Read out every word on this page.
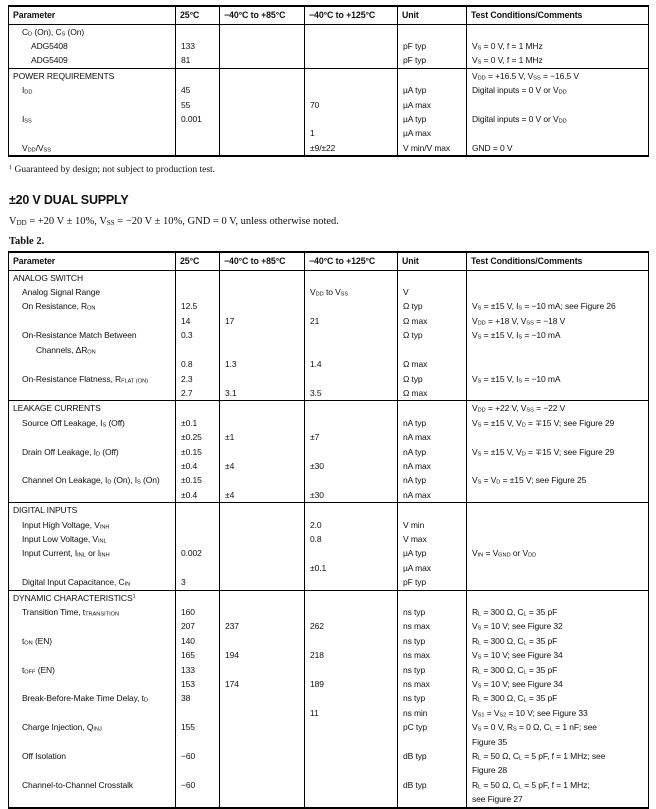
Parameter	25°C	−40°C to +85°C	−40°C to +125°C	Unit	Test Conditions/Comments
$C_D$ (On), $C_S$ (On)					
ADG5408	133			pF typ	$V_S = 0$ V, f = 1 MHz
ADG5409	81			pF typ	$V_S = 0$ V, f = 1 MHz
POWER REQUIREMENTS					$V_{DD} = +16.5$ V, $V_{SS} = -16.5$ V
$I_{DD}$	45			µA typ	Digital inputs = 0 V or $V_{DD}$
	55		70	µA max	
$I_{SS}$	0.001			µA typ	Digital inputs = 0 V or $V_{DD}$
			1	µA max	
$V_{DD}/V_{SS}$			±9/±22	V min/V max	GND = 0 V
$^1$ Guaranteed by design; not subject to production test.
±20 V DUAL SUPPLY
$V_{DD} = +20$ V ± 10%, $V_{SS} = -20$ V ± 10%, GND = 0 V, unless otherwise noted.
Table 2.
Parameter	25°C	−40°C to +85°C	−40°C to +125°C	Unit	Test Conditions/Comments
ANALOG SWITCH					
Analog Signal Range			$V_{DD}$ to $V_{SS}$	V	
On Resistance, $R_{ON}$	12.5			Ω typ	$V_S = \pm 15$ V, $I_S = -10$ mA; see Figure 26
	14	17	21	Ω max	$V_{DD} = +18$ V, $V_{SS} = -18$ V
On-Resistance Match Between
Channels, $\Delta R_{ON}$	0.3			Ω typ	$V_S = \pm 15$ V, $I_S = -10$ mA
	0.8	1.3	1.4	Ω max	
On-Resistance Flatness, $R_{FLAT (ON)}$	2.3			Ω typ	$V_S = \pm 15$ V, $I_S = -10$ mA
	2.7	3.1	3.5	Ω max	
LEAKAGE CURRENTS					$V_{DD} = +22$ V, $V_{SS} = -22$ V
Source Off Leakage, $I_S$ (Off)	±0.1			nA typ	$V_S = \pm 15$ V, $V_D = \mp 15$ V; see Figure 29
	±0.25	±1	±7	nA max	
Drain Off Leakage, $I_D$ (Off)	±0.15			nA typ	$V_S = \pm 15$ V, $V_D = \mp 15$ V; see Figure 29
	±0.4	±4	±30	nA max	
Channel On Leakage, $I_D$ (On), $I_S$ (On)	±0.15			nA typ	$V_S = V_D = \pm 15$ V; see Figure 25
	±0.4	±4	±30	nA max	
DIGITAL INPUTS					
Input High Voltage, $V_{INH}$			2.0	V min	
Input Low Voltage, $V_{INL}$			0.8	V max	
Input Current, $I_{INL}$ or $I_{INH}$	0.002			µA typ	$V_{IN} = V_{GND}$ or $V_{DD}$
			±0.1	µA max	
Digital Input Capacitance, $C_{IN}$	3			pF typ	
DYNAMIC CHARACTERISTICS$^1$					
Transition Time, $t_{TRANSITION}$	160			ns typ	$R_L = 300$ Ω, $C_L = 35$ pF
	207	237	262	ns max	$V_S = 10$ V; see Figure 32
$t_{ON}$ (EN)	140			ns typ	$R_L = 300$ Ω, $C_L = 35$ pF
	165	194	218	ns max	$V_S = 10$ V; see Figure 34
$t_{OFF}$ (EN)	133			ns typ	$R_L = 300$ Ω, $C_L = 35$ pF
	153	174	189	ns max	$V_S = 10$ V; see Figure 34
Break-Before-Make Time Delay, $t_D$	38			ns typ	$R_L = 300$ Ω, $C_L = 35$ pF
			11	ns min	$V_{S1} = V_{S2} = 10$ V; see Figure 33
Charge Injection, $Q_{INJ}$	155			pC typ	$V_S = 0$ V, $R_S = 0$ Ω, $C_L = 1$ nF; see
Figure 35
Off Isolation	−60			dB typ	$R_L = 50$ Ω, $C_L = 5$ pF, f = 1 MHz; see
Figure 28
Channel-to-Channel Crosstalk	−60			dB typ	$R_L = 50$ Ω, $C_L = 5$ pF, f = 1 MHz;
see Figure 27
